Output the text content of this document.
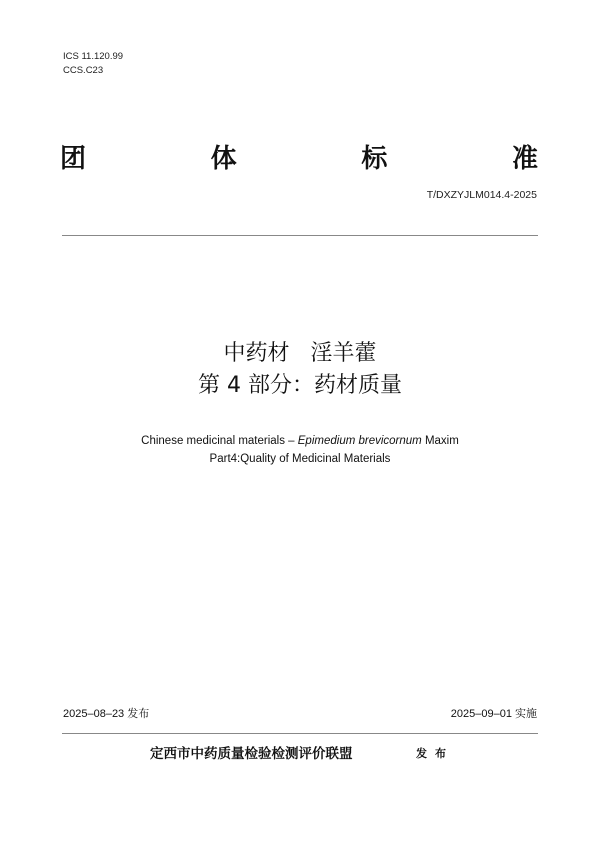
ICS 11.120.99
CCS.C23
团	体	标	准
T/DXZYJLM014.4-2025
中药材   淫羊藿
第 4 部分：药材质量
Chinese medicinal materials – Epimedium brevicornum Maxim
Part4:Quality of Medicinal Materials
2025–08–23 发布	2025–09–01 实施
定西市中药质量检验检测评价联盟	发布
